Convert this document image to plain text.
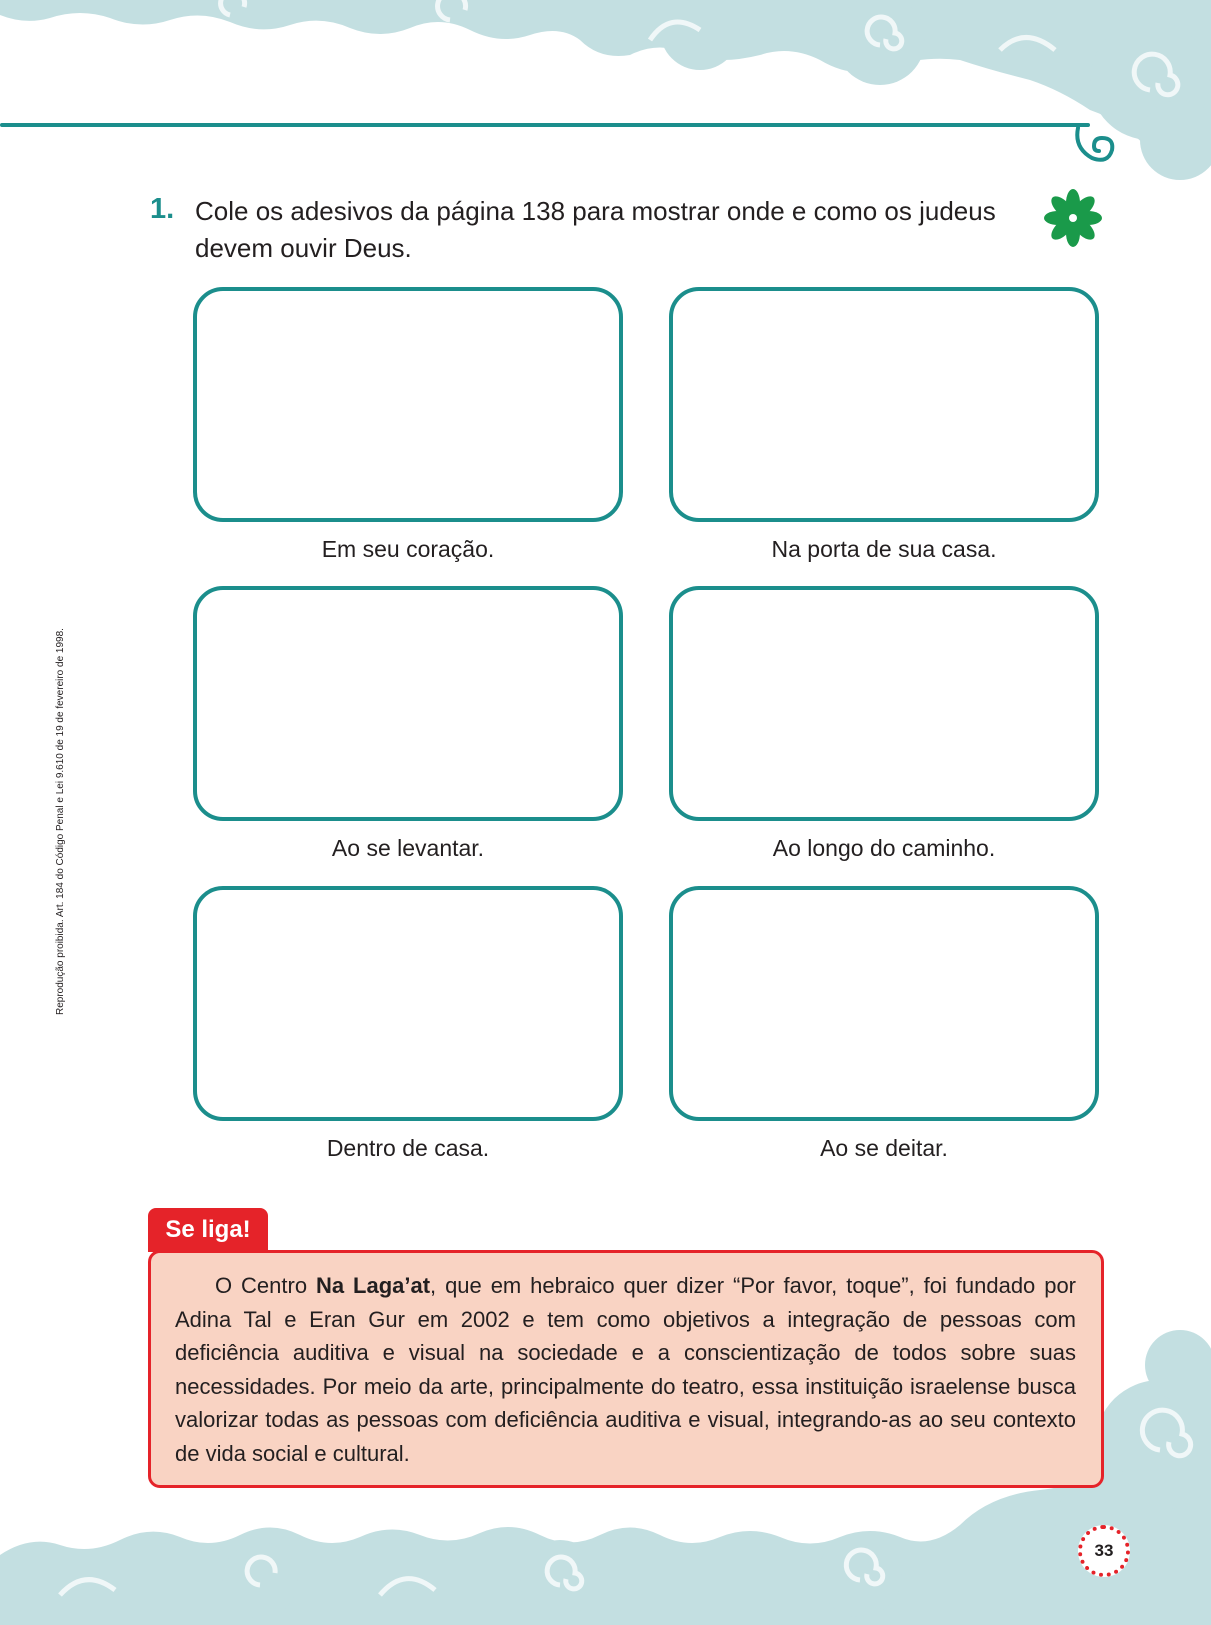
1. Cole os adesivos da página 138 para mostrar onde e como os judeus devem ouvir Deus.
Reprodução proibida. Art. 184 do Código Penal e Lei 9.610 de 19 de fevereiro de 1998.
Em seu coração.	Na porta de sua casa.
Ao se levantar.	Ao longo do caminho.
Dentro de casa.	Ao se deitar.
Se liga!

O Centro Na Laga’at, que em hebraico quer dizer “Por favor, toque”, foi fundado por Adina Tal e Eran Gur em 2002 e tem como objetivos a integração de pessoas com deficiência auditiva e visual na sociedade e a conscientização de todos sobre suas necessidades. Por meio da arte, principalmente do teatro, essa instituição israelense busca valorizar todas as pessoas com deficiência auditiva e visual, integrando-as ao seu contexto de vida social e cultural.

33
